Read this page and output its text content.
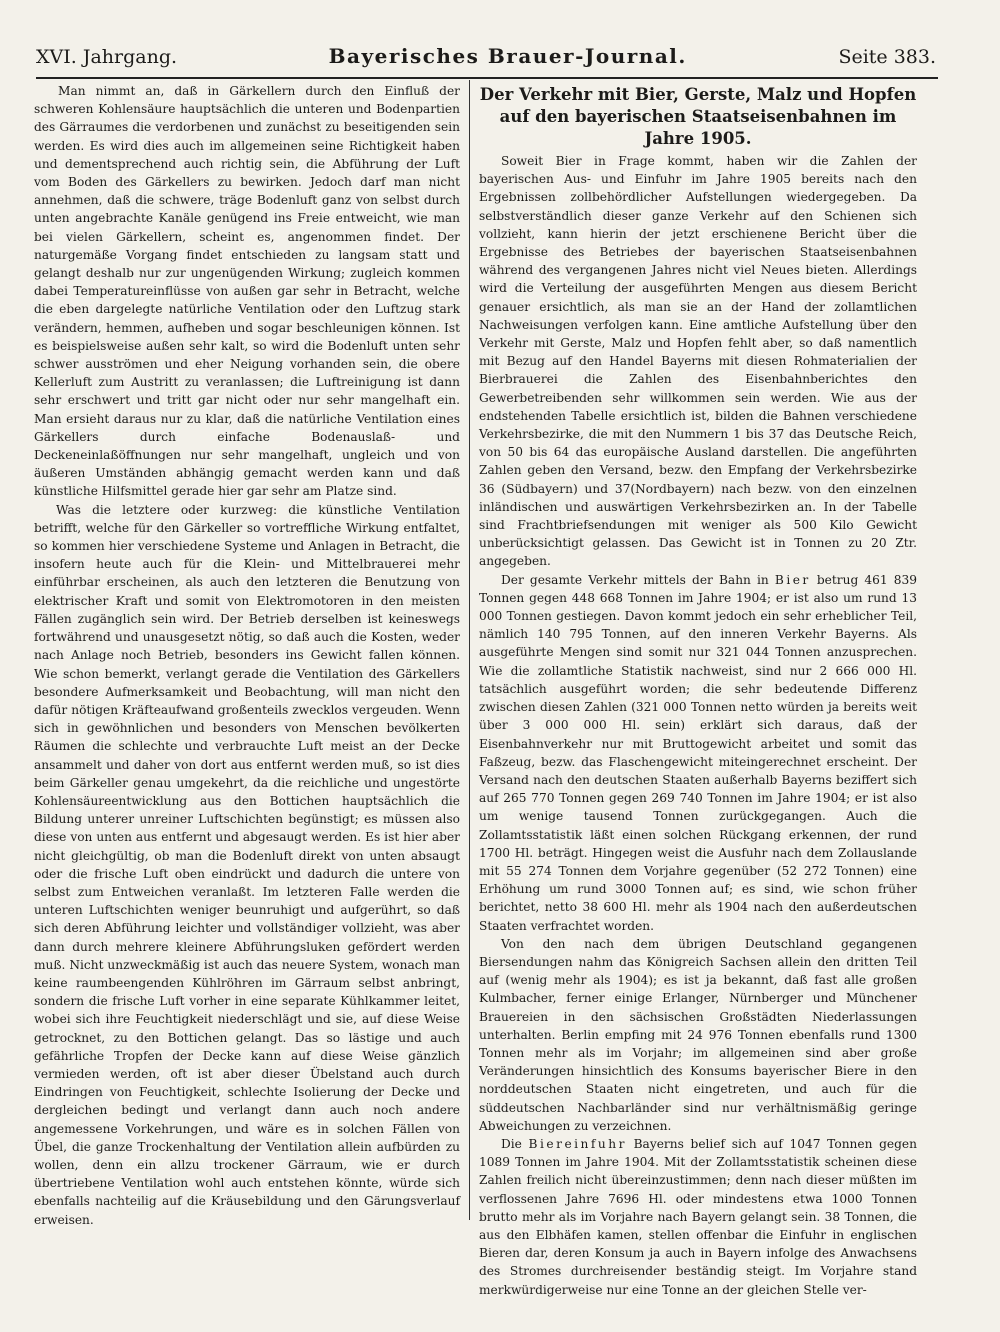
XVI. Jahrgang.	Bayerisches Brauer-Journal.	Seite 383.

Man nimmt an, daß in Gärkellern durch den Einfluß der schweren Kohlensäure hauptsächlich die unteren und Bodenpartien des Gärraumes die verdorbenen und zunächst zu beseitigenden sein werden. Es wird dies auch im allgemeinen seine Richtigkeit haben und dementsprechend auch richtig sein, die Abführung der Luft vom Boden des Gärkellers zu bewirken. Jedoch darf man nicht annehmen, daß die schwere, träge Bodenluft ganz von selbst durch unten angebrachte Kanäle genügend ins Freie entweicht, wie man bei vielen Gärkellern, scheint es, angenommen findet. Der naturgemäße Vorgang findet entschieden zu langsam statt und gelangt deshalb nur zur ungenügenden Wirkung; zugleich kommen dabei Temperatureinflüsse von außen gar sehr in Betracht, welche die eben dargelegte natürliche Ventilation oder den Luftzug stark verändern, hemmen, aufheben und sogar beschleunigen können. Ist es beispielsweise außen sehr kalt, so wird die Bodenluft unten sehr schwer ausströmen und eher Neigung vorhanden sein, die obere Kellerluft zum Austritt zu veranlassen; die Luftreinigung ist dann sehr erschwert und tritt gar nicht oder nur sehr mangelhaft ein. Man ersieht daraus nur zu klar, daß die natürliche Ventilation eines Gärkellers durch einfache Bodenauslaß- und Deckeneinlaßöffnungen nur sehr mangelhaft, ungleich und von äußeren Umständen abhängig gemacht werden kann und daß künstliche Hilfsmittel gerade hier gar sehr am Platze sind.

Was die letztere oder kurzweg: die künstliche Ventilation betrifft, welche für den Gärkeller so vortreffliche Wirkung entfaltet, so kommen hier verschiedene Systeme und Anlagen in Betracht, die insofern heute auch für die Klein- und Mittelbrauerei mehr einführbar erscheinen, als auch den letzteren die Benutzung von elektrischer Kraft und somit von Elektromotoren in den meisten Fällen zugänglich sein wird. Der Betrieb derselben ist keineswegs fortwährend und unausgesetzt nötig, so daß auch die Kosten, weder nach Anlage noch Betrieb, besonders ins Gewicht fallen können. Wie schon bemerkt, verlangt gerade die Ventilation des Gärkellers besondere Aufmerksamkeit und Beobachtung, will man nicht den dafür nötigen Kräfteaufwand großenteils zwecklos vergeuden. Wenn sich in gewöhnlichen und besonders von Menschen bevölkerten Räumen die schlechte und verbrauchte Luft meist an der Decke ansammelt und daher von dort aus entfernt werden muß, so ist dies beim Gärkeller genau umgekehrt, da die reichliche und ungestörte Kohlensäureentwicklung aus den Bottichen hauptsächlich die Bildung unterer unreiner Luftschichten begünstigt; es müssen also diese von unten aus entfernt und abgesaugt werden. Es ist hier aber nicht gleichgültig, ob man die Bodenluft direkt von unten absaugt oder die frische Luft oben eindrückt und dadurch die untere von selbst zum Entweichen veranlaßt. Im letzteren Falle werden die unteren Luftschichten weniger beunruhigt und aufgerührt, so daß sich deren Abführung leichter und vollständiger vollzieht, was aber dann durch mehrere kleinere Abführungsluken gefördert werden muß. Nicht unzweckmäßig ist auch das neuere System, wonach man keine raumbeengenden Kühlröhren im Gärraum selbst anbringt, sondern die frische Luft vorher in eine separate Kühlkammer leitet, wobei sich ihre Feuchtigkeit niederschlägt und sie, auf diese Weise getrocknet, zu den Bottichen gelangt. Das so lästige und auch gefährliche Tropfen der Decke kann auf diese Weise gänzlich vermieden werden, oft ist aber dieser Übelstand auch durch Eindringen von Feuchtigkeit, schlechte Isolierung der Decke und dergleichen bedingt und verlangt dann auch noch andere angemessene Vorkehrungen, und wäre es in solchen Fällen von Übel, die ganze Trockenhaltung der Ventilation allein aufbürden zu wollen, denn ein allzu trockener Gärraum, wie er durch übertriebene Ventilation wohl auch entstehen könnte, würde sich ebenfalls nachteilig auf die Kräusebildung und den Gärungsverlauf erweisen.

Der Verkehr mit Bier, Gerste, Malz und Hopfen auf den bayerischen Staatseisenbahnen im Jahre 1905.

Soweit Bier in Frage kommt, haben wir die Zahlen der bayerischen Aus- und Einfuhr im Jahre 1905 bereits nach den Ergebnissen zollbehördlicher Aufstellungen wiedergegeben. Da selbstverständlich dieser ganze Verkehr auf den Schienen sich vollzieht, kann hierin der jetzt erschienene Bericht über die Ergebnisse des Betriebes der bayerischen Staatseisenbahnen während des vergangenen Jahres nicht viel Neues bieten. Allerdings wird die Verteilung der ausgeführten Mengen aus diesem Bericht genauer ersichtlich, als man sie an der Hand der zollamtlichen Nachweisungen verfolgen kann. Eine amtliche Aufstellung über den Verkehr mit Gerste, Malz und Hopfen fehlt aber, so daß namentlich mit Bezug auf den Handel Bayerns mit diesen Rohmaterialien der Bierbrauerei die Zahlen des Eisenbahnberichtes den Gewerbetreibenden sehr willkommen sein werden. Wie aus der endstehenden Tabelle ersichtlich ist, bilden die Bahnen verschiedene Verkehrsbezirke, die mit den Nummern 1 bis 37 das Deutsche Reich, von 50 bis 64 das europäische Ausland darstellen. Die angeführten Zahlen geben den Versand, bezw. den Empfang der Verkehrsbezirke 36 (Südbayern) und 37(Nordbayern) nach bezw. von den einzelnen inländischen und auswärtigen Verkehrsbezirken an. In der Tabelle sind Frachtbriefsendungen mit weniger als 500 Kilo Gewicht unberücksichtigt gelassen. Das Gewicht ist in Tonnen zu 20 Ztr. angegeben.

Der gesamte Verkehr mittels der Bahn in Bier betrug 461 839 Tonnen gegen 448 668 Tonnen im Jahre 1904; er ist also um rund 13 000 Tonnen gestiegen. Davon kommt jedoch ein sehr erheblicher Teil, nämlich 140 795 Tonnen, auf den inneren Verkehr Bayerns. Als ausgeführte Mengen sind somit nur 321 044 Tonnen anzusprechen. Wie die zollamtliche Statistik nachweist, sind nur 2 666 000 Hl. tatsächlich ausgeführt worden; die sehr bedeutende Differenz zwischen diesen Zahlen (321 000 Tonnen netto würden ja bereits weit über 3 000 000 Hl. sein) erklärt sich daraus, daß der Eisenbahnverkehr nur mit Bruttogewicht arbeitet und somit das Faßzeug, bezw. das Flaschengewicht miteingerechnet erscheint. Der Versand nach den deutschen Staaten außerhalb Bayerns beziffert sich auf 265 770 Tonnen gegen 269 740 Tonnen im Jahre 1904; er ist also um wenige tausend Tonnen zurückgegangen. Auch die Zollamtsstatistik läßt einen solchen Rückgang erkennen, der rund 1700 Hl. beträgt. Hingegen weist die Ausfuhr nach dem Zollauslande mit 55 274 Tonnen dem Vorjahre gegenüber (52 272 Tonnen) eine Erhöhung um rund 3000 Tonnen auf; es sind, wie schon früher berichtet, netto 38 600 Hl. mehr als 1904 nach den außerdeutschen Staaten verfrachtet worden.

Von den nach dem übrigen Deutschland gegangenen Biersendungen nahm das Königreich Sachsen allein den dritten Teil auf (wenig mehr als 1904); es ist ja bekannt, daß fast alle großen Kulmbacher, ferner einige Erlanger, Nürnberger und Münchener Brauereien in den sächsischen Großstädten Niederlassungen unterhalten. Berlin empfing mit 24 976 Tonnen ebenfalls rund 1300 Tonnen mehr als im Vorjahr; im allgemeinen sind aber große Veränderungen hinsichtlich des Konsums bayerischer Biere in den norddeutschen Staaten nicht eingetreten, und auch für die süddeutschen Nachbarländer sind nur verhältnismäßig geringe Abweichungen zu verzeichnen.

Die Biereinfuhr Bayerns belief sich auf 1047 Tonnen gegen 1089 Tonnen im Jahre 1904. Mit der Zollamtsstatistik scheinen diese Zahlen freilich nicht übereinzustimmen; denn nach dieser müßten im verflossenen Jahre 7696 Hl. oder mindestens etwa 1000 Tonnen brutto mehr als im Vorjahre nach Bayern gelangt sein. 38 Tonnen, die aus den Elbhäfen kamen, stellen offenbar die Einfuhr in englischen Bieren dar, deren Konsum ja auch in Bayern infolge des Anwachsens des Stromes durchreisender beständig steigt. Im Vorjahre stand merkwürdigerweise nur eine Tonne an der gleichen Stelle ver-
